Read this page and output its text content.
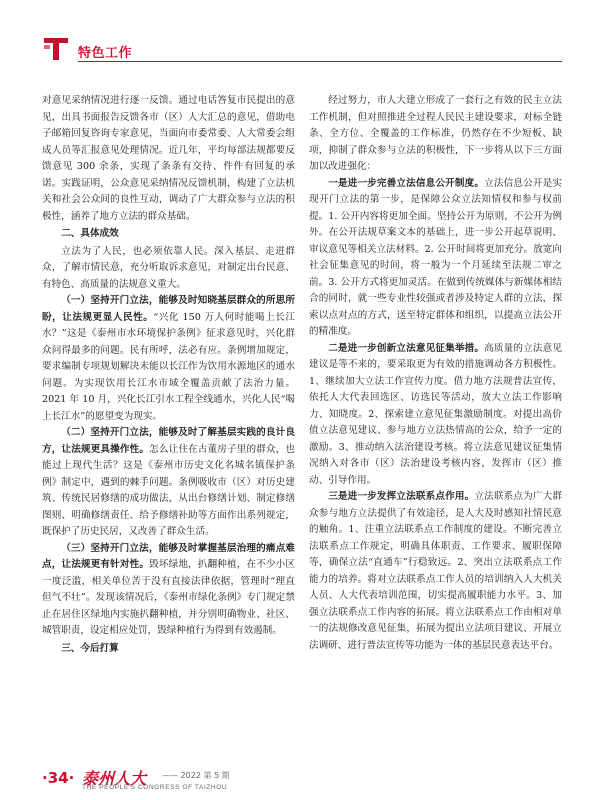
特色工作

对意见采纳情况进行逐一反馈。通过电话答复市民提出的意见，出具书面报告反馈各市（区）人大汇总的意见，借助电子邮箱回复咨询专家意见，当面向市委常委、人大常委会组成人员等汇报意见处理情况。近几年，平均每部法规都要反馈意见 300 余条，实现了条条有交待、件件有回复的承诺。实践证明，公众意见采纳情况反馈机制，构建了立法机关和社会公众间的良性互动，调动了广大群众参与立法的积极性，涵养了地方立法的群众基础。

二、具体成效

立法为了人民，也必须依靠人民。深入基层、走进群众，了解市情民意，充分听取诉求意见，对制定出台民意、有特色、高质量的法规意义重大。

（一）坚持开门立法，能够及时知晓基层群众的所思所盼，让法规更显人民性。“兴化 150 万人何时能喝上长江水？”这是《泰州市水环境保护条例》征求意见时，兴化群众问得最多的问题。民有所呼，法必有应。条例增加规定，要求编制专项规划解决未能以长江作为饮用水源地区的通水问题。为实现饮用长江水市域全覆盖贡献了法治力量。2021 年 10 月，兴化长江引水工程全线通水，兴化人民“喝上长江水”的愿望变为现实。

（二）坚持开门立法，能够及时了解基层实践的良计良方，让法规更具操作性。怎么让住在古董房子里的群众，也能过上现代生活？这是《泰州市历史文化名城名镇保护条例》制定中，遇到的棘手问题。条例吸收市（区）对历史建筑、传统民居修缮的成功做法，从出台修缮计划、制定修缮图则、明确修缮责任、给予修缮补助等方面作出系列规定，既保护了历史民居，又改善了群众生活。

（三）坚持开门立法，能够及时掌握基层治理的痛点难点，让法规更有针对性。毁坏绿地，扒翻种植，在不少小区一度泛滥，相关单位苦于没有直接法律依据，管理时“理直但气不壮”。发现该情况后，《泰州市绿化条例》专门规定禁止在居住区绿地内实施扒翻种植，并分别明确物业、社区、城管职责，设定相应处罚，毁绿种植行为得到有效遏制。

三、今后打算

经过努力，市人大建立形成了一套行之有效的民主立法工作机制，但对照推进全过程人民民主建设要求，对标全链条、全方位、全覆盖的工作标准，仍然存在不少短板、缺项，抑制了群众参与立法的积极性，下一步将从以下三方面加以改进强化：

一是进一步完善立法信息公开制度。立法信息公开是实现开门立法的第一步，是保障公众立法知情权和参与权前提。1. 公开内容将更加全面。坚持公开为原则，不公开为例外。在公开法规草案文本的基础上，进一步公开起草说明、审议意见等相关立法材料。2. 公开时间将更加充分。放宽向社会征集意见的时间，将一般为一个月延续至法规二审之前。3. 公开方式将更加灵活。在做到传统媒体与新媒体相结合的同时，就一些专业性较强或者涉及特定人群的立法，探索以点对点的方式，送至特定群体和组织，以提高立法公开的精准度。

二是进一步创新立法意见征集举措。高质量的立法意见建议是等不来的，要采取更为有效的措施调动各方积极性。1、继续加大立法工作宣传力度。借力地方法规普法宣传，依托人大代表回选区、访选民等活动，放大立法工作影响力、知晓度。2、探索建立意见征集激励制度。对提出高价值立法意见建议、参与地方立法热情高的公众，给予一定的激励。3、推动纳入法治建设考核。将立法意见建议征集情况纳入对各市（区）法治建设考核内容，发挥市（区）推动、引导作用。

三是进一步发挥立法联系点作用。立法联系点为广大群众参与地方立法提供了有效途径，是人大及时感知社情民意的触角。1、注重立法联系点工作制度的建设。不断完善立法联系点工作规定，明确具体职责、工作要求、履职保障等，确保立法“直通车”行稳致远。2、突出立法联系点工作能力的培养。将对立法联系点工作人员的培训纳入人大机关人员、人大代表培训范围，切实提高履职能力水平。3、加强立法联系点工作内容的拓展。将立法联系点工作由相对单一的法规修改意见征集，拓展为提出立法项目建议、开展立法调研、进行普法宣传等功能为一体的基层民意表达平台。

·34· 泰州人大 —— 2022 第 5 期
THE PEOPLE'S CONGRESS OF TAIZHOU
